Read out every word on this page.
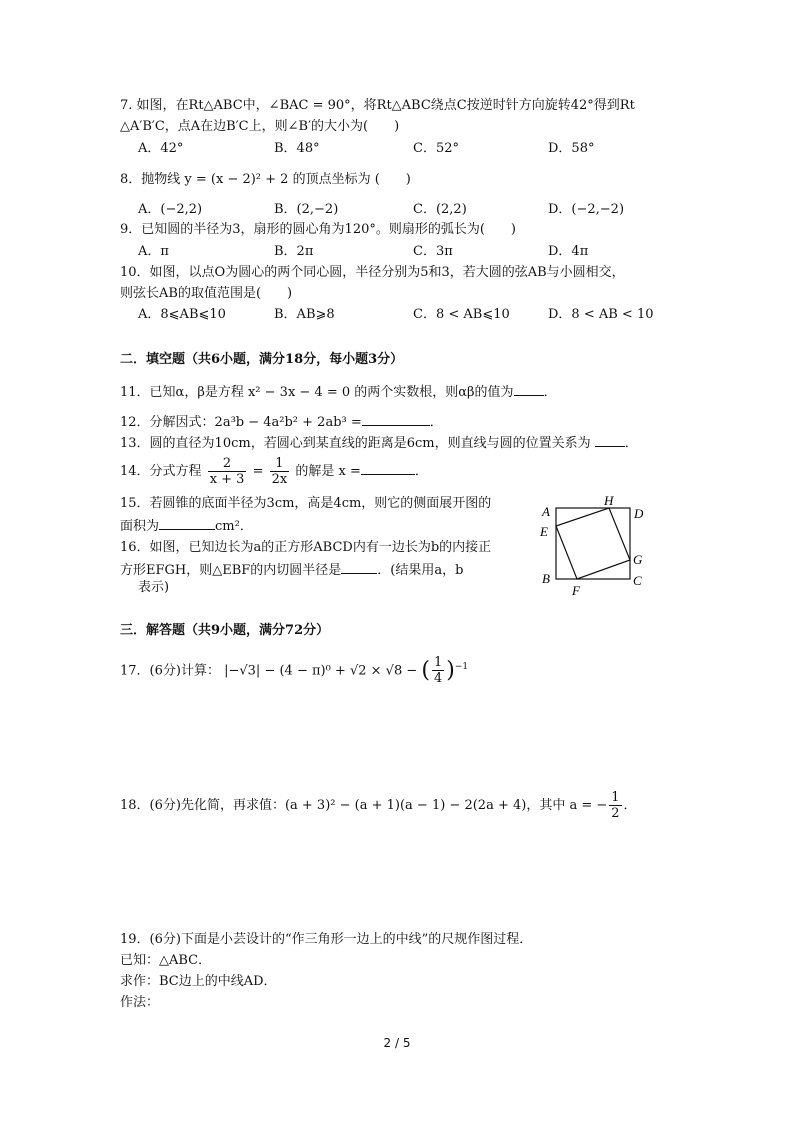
7. 如图，在Rt△ABC中，∠BAC = 90°，将Rt△ABC绕点C按逆时针方向旋转42°得到Rt
△A′B′C，点A在边B′C上，则∠B′的大小为(　　)
A．42°	B．48°	C．52°	D．58°
8．抛物线 y = (x − 2)² + 2 的顶点坐标为 (　　)
A．(−2,2)	B．(2,−2)	C．(2,2)	D．(−2,−2)
9．已知圆的半径为3，扇形的圆心角为120°。则扇形的弧长为(　　)
A．π	B．2π	C．3π	D．4π
10．如图，以点O为圆心的两个同心圆，半径分别为5和3，若大圆的弦AB与小圆相交，
则弦长AB的取值范围是(　　)
A．8⩽AB⩽10	B．AB⩾8	C．8 < AB⩽10	D．8 < AB < 10
二．填空题（共6小题，满分18分，每小题3分）
11．已知α，β是方程 x² − 3x − 4 = 0 的两个实数根，则αβ的值为 ．
12．分解因式：2a³b − 4a²b² + 2ab³ =	．
13．圆的直径为10cm，若圆心到某直线的距离是6cm，则直线与圆的位置关系为	．
14．分式方程 $\frac{2}{x + 3} = \frac{1}{2x}$ 的解是 x =	．
15．若圆锥的底面半径为3cm，高是4cm，则它的侧面展开图的
面积为	cm²．
16．如图，已知边长为a的正方形ABCD内有一边长为b的内接正
方形EFGH，则△EBF的内切圆半径是	．(结果用a，b
表示)
A
H
D
E
G
B	C
F
三．解答题（共9小题，满分72分）
17．(6分)计算： |−√3| − (4 − π)⁰ + √2 × √8 − ( $\frac{1}{4} )^{-1}$
18．(6分)先化简，再求值：(a + 3)² − (a + 1)(a − 1) − 2(2a + 4)，其中 a = − $\frac{1}{2}$ ．
19．(6分)下面是小芸设计的“作三角形一边上的中线”的尺规作图过程．
已知：△ABC．
求作：BC边上的中线AD．
作法：
2 / 5
